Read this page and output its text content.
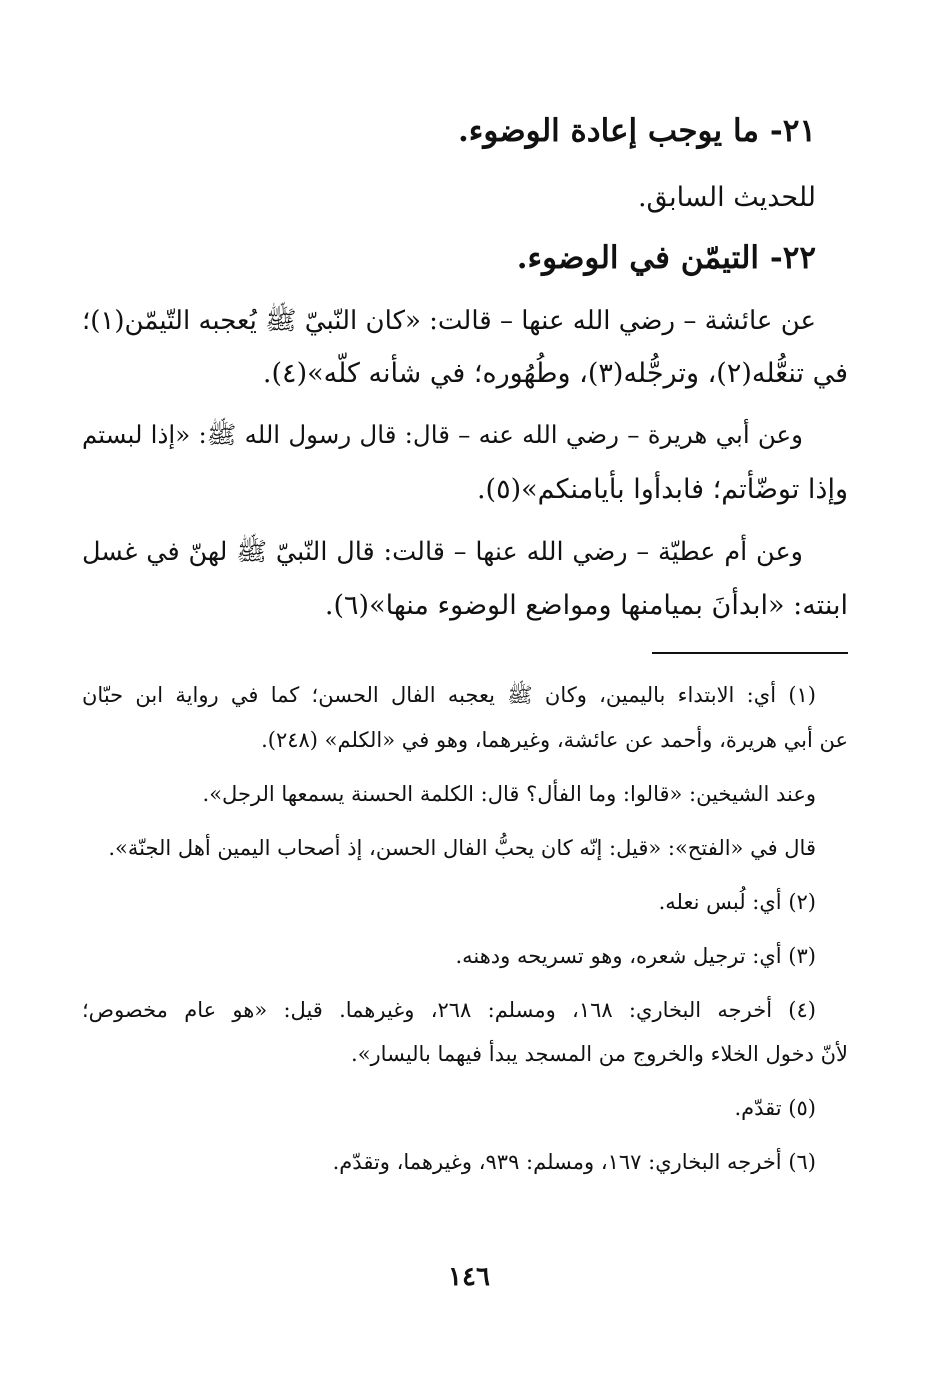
٢١- ما يوجب إعادة الوضوء.
للحديث السابق.
٢٢- التيمّن في الوضوء.
عن عائشة – رضي الله عنها – قالت: «كان النّبيّ ﷺ يُعجبه التّيمّن(١)؛
في تنعُّله(٢)، وترجُّله(٣)، وطُهُوره؛ في شأنه كلّه»(٤).
وعن أبي هريرة – رضي الله عنه – قال: قال رسول الله ﷺ: «إذا لبستم
وإذا توضّأتم؛ فابدأوا بأيامنكم»(٥).
وعن أم عطيّة – رضي الله عنها – قالت: قال النّبيّ ﷺ لهنّ في غسل
ابنته: «ابدأنَ بميامنها ومواضع الوضوء منها»(٦).
(١) أي: الابتداء باليمين، وكان ﷺ يعجبه الفال الحسن؛ كما في رواية ابن حبّان
عن أبي هريرة، وأحمد عن عائشة، وغيرهما، وهو في «الكلم» (٢٤٨).
وعند الشيخين: «قالوا: وما الفأل؟ قال: الكلمة الحسنة يسمعها الرجل».
قال في «الفتح»: «قيل: إنّه كان يحبُّ الفال الحسن، إذ أصحاب اليمين أهل الجنّة».
(٢) أي: لُبس نعله.
(٣) أي: ترجيل شعره، وهو تسريحه ودهنه.
(٤) أخرجه البخاري: ١٦٨، ومسلم: ٢٦٨، وغيرهما. قيل: «هو عام مخصوص؛
لأنّ دخول الخلاء والخروج من المسجد يبدأ فيهما باليسار».
(٥) تقدّم.
(٦) أخرجه البخاري: ١٦٧، ومسلم: ٩٣٩، وغيرهما، وتقدّم.
١٤٦
